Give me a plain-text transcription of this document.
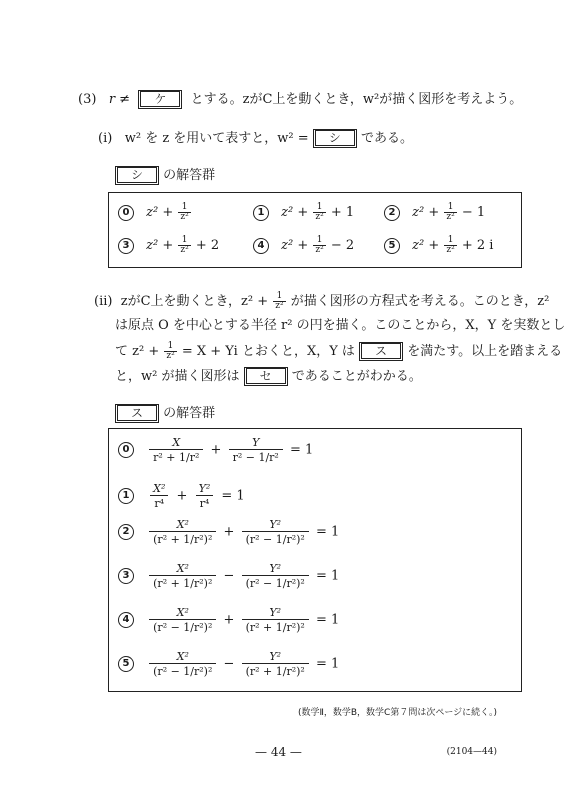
(3) r ≠ ケ とする。zがC上を動くとき，w²が描く図形を考えよう。
(i) w² を z を用いて表すと，w² = シ である。
シ の解答群
0 $z^2 + \frac{1}{\text{z²}}$	1 $z^2 + \frac{1}{\text{z²}} + 1$	2 $z^2 + \frac{1}{\text{z²}} - 1$
3 $z^2 + \frac{1}{\text{z²}} + 2$	4 $z^2 + \frac{1}{\text{z²}} - 2$	5 $z^2 + \frac{1}{\text{z²}} + 2$ i
(ii) zがC上を動くとき，$z^2 + \frac{1}{\text{z²}}$ が描く図形の方程式を考える。このとき，z²
は原点 O を中心とする半径 r² の円を描く。このことから，X，Y を実数とし
て $z^2 + \frac{1}{\text{z²}} = X + Yi$ とおくと，X，Y は ス を満たす。以上を踏まえる
と，w² が描く図形は セ であることがわかる。
ス の解答群
$0 \frac{X}{\text{r² + 1/r²}} + \frac{Y}{\text{r² − 1/r²}} = 1$
$1 \frac{\text{X²}}{\text{r⁴}} + \frac{\text{Y²}}{\text{r⁴}} = 1$
$2 \frac{\text{X²}}{\text{(r² + 1/r²)²}} + \frac{\text{Y²}}{\text{(r² − 1/r²)²}} = 1$
$3 \frac{\text{X²}}{\text{(r² + 1/r²)²}} - \frac{\text{Y²}}{\text{(r² − 1/r²)²}} = 1$
$4 \frac{\text{X²}}{\text{(r² − 1/r²)²}} + \frac{\text{Y²}}{\text{(r² + 1/r²)²}} = 1$
$5 \frac{\text{X²}}{\text{(r² − 1/r²)²}} - \frac{\text{Y²}}{\text{(r² + 1/r²)²}} = 1$
(数学Ⅱ，数学B，数学C第７問は次ページに続く。)
— 44 —	(2104—44)
